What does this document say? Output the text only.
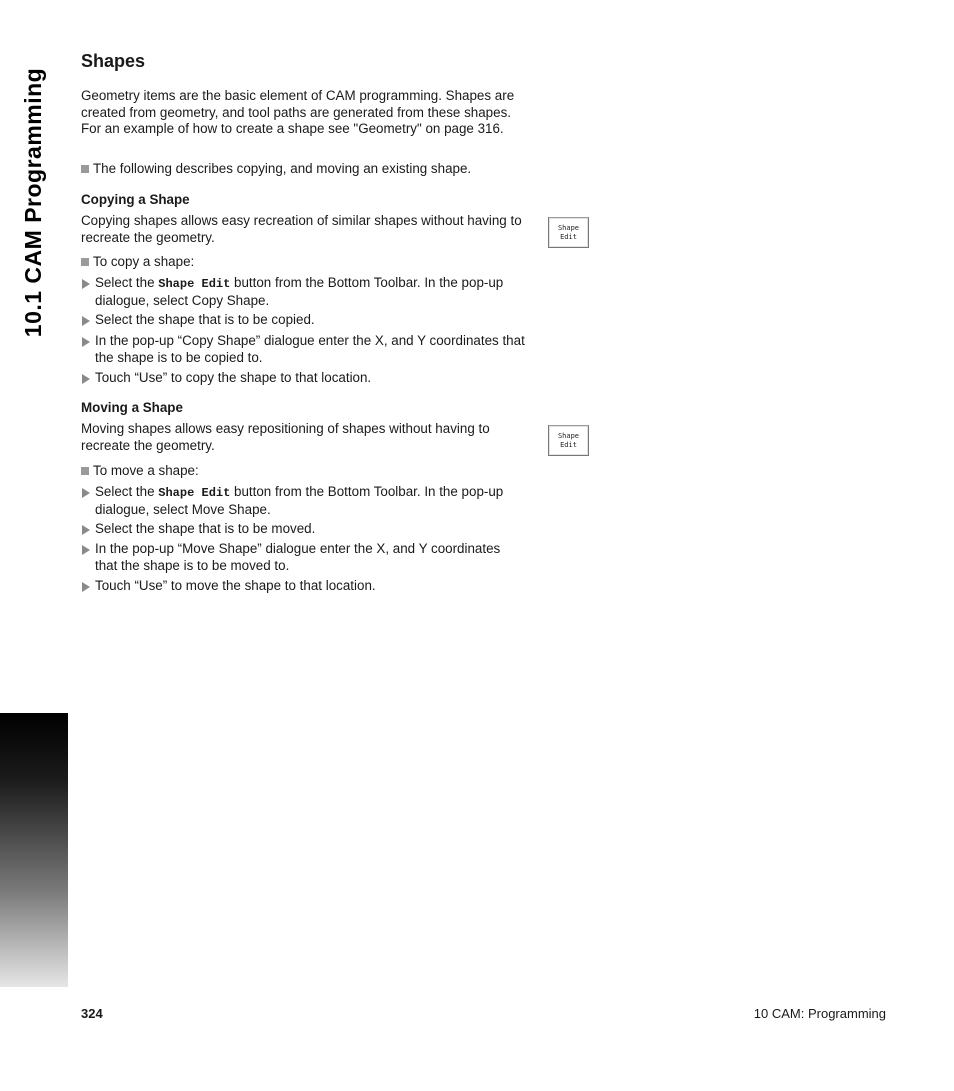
10.1 CAM Programming
Shapes

Geometry items are the basic element of CAM programming. Shapes are created from geometry, and tool paths are generated from these shapes. For an example of how to create a shape see "Geometry" on page 316.

The following describes copying, and moving an existing shape.
Copying a Shape

Copying shapes allows easy recreation of similar shapes without having to recreate the geometry.

To copy a shape:
Select the Shape Edit button from the Bottom Toolbar. In the pop-up dialogue, select Copy Shape.
Select the shape that is to be copied.
In the pop-up “Copy Shape” dialogue enter the X, and Y coordinates that the shape is to be copied to.
Touch “Use” to copy the shape to that location.
Moving a Shape

Moving shapes allows easy repositioning of shapes without having to recreate the geometry.

To move a shape:
Select the Shape Edit button from the Bottom Toolbar. In the pop-up dialogue, select Move Shape.
Select the shape that is to be moved.
In the pop-up “Move Shape” dialogue enter the X, and Y coordinates that the shape is to be moved to.
Touch “Use” to move the shape to that location.
Shape
Edit
Shape
Edit
324	10 CAM: Programming
